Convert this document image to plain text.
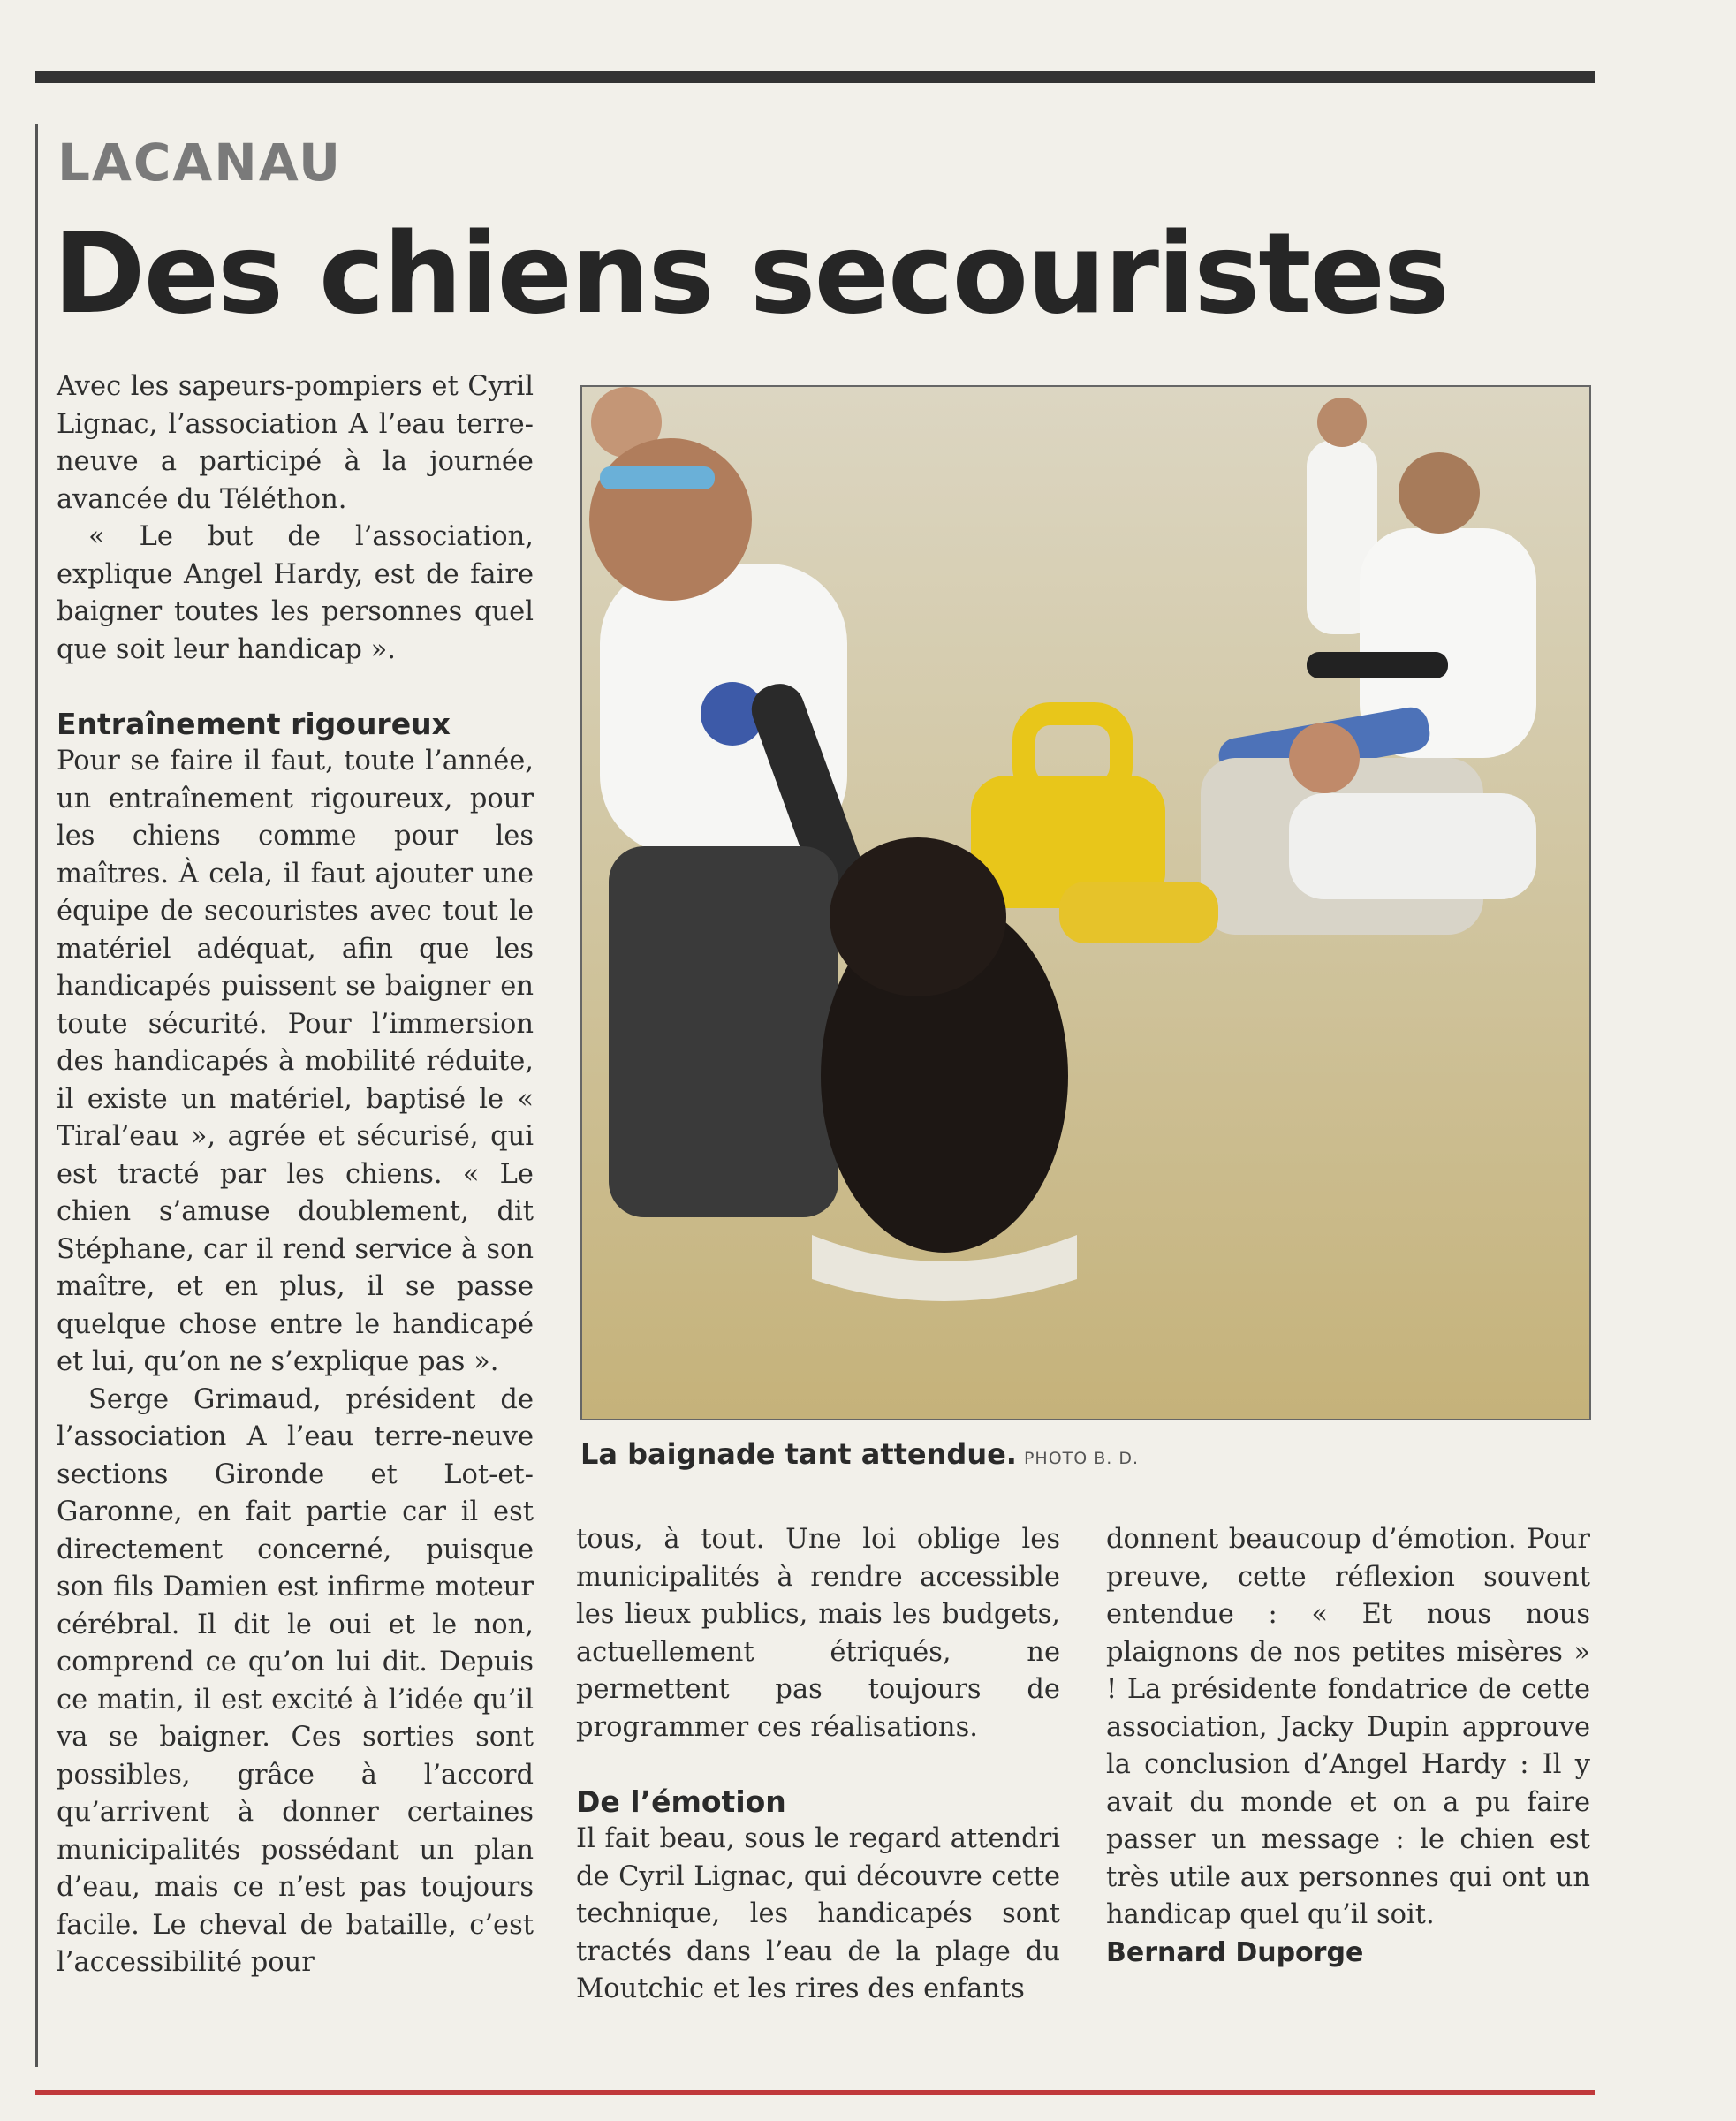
LACANAU
Des chiens secouristes

Avec les sapeurs-pompiers et Cyril Lignac, l’association A l’eau terre-neuve a participé à la journée avancée du Téléthon.

« Le but de l’association, explique Angel Hardy, est de faire baigner toutes les personnes quel que soit leur handicap ».

Entraînement rigoureux

Pour se faire il faut, toute l’année, un entraînement rigoureux, pour les chiens comme pour les maîtres. À cela, il faut ajouter une équipe de secouristes avec tout le matériel adéquat, afin que les handicapés puissent se baigner en toute sécurité. Pour l’immersion des handicapés à mobilité réduite, il existe un matériel, baptisé le « Tiral’eau », agrée et sécurisé, qui est tracté par les chiens. « Le chien s’amuse doublement, dit Stéphane, car il rend service à son maître, et en plus, il se passe quelque chose entre le handicapé et lui, qu’on ne s’explique pas ».

Serge Grimaud, président de l’association A l’eau terre-neuve sections Gironde et Lot-et-Garonne, en fait partie car il est directement concerné, puisque son fils Damien est infirme moteur cérébral. Il dit le oui et le non, comprend ce qu’on lui dit. Depuis ce matin, il est excité à l’idée qu’il va se baigner. Ces sorties sont possibles, grâce à l’accord qu’arrivent à donner certaines municipalités possédant un plan d’eau, mais ce n’est pas toujours facile. Le cheval de bataille, c’est l’accessibilité pour

La baignade tant attendue. PHOTO B. D.

tous, à tout. Une loi oblige les municipalités à rendre accessible les lieux publics, mais les budgets, actuellement étriqués, ne permettent pas toujours de programmer ces réalisations.

De l’émotion

Il fait beau, sous le regard attendri de Cyril Lignac, qui découvre cette technique, les handicapés sont tractés dans l’eau de la plage du Moutchic et les rires des enfants

donnent beaucoup d’émotion. Pour preuve, cette réflexion souvent entendue : « Et nous nous plaignons de nos petites misères » ! La présidente fondatrice de cette association, Jacky Dupin approuve la conclusion d’Angel Hardy : Il y avait du monde et on a pu faire passer un message : le chien est très utile aux personnes qui ont un handicap quel qu’il soit.

Bernard Duporge
